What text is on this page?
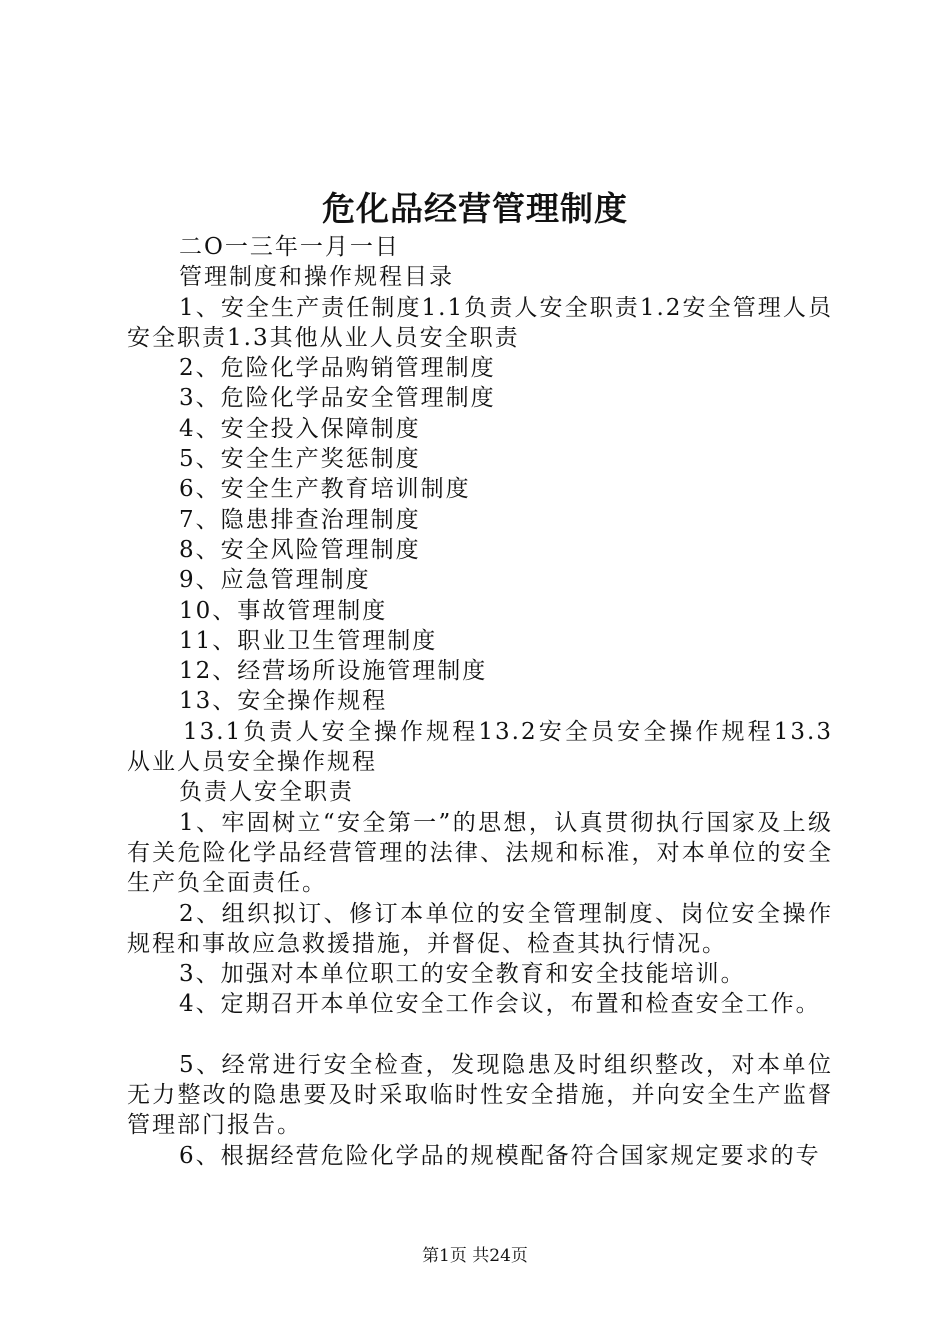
危化品经营管理制度

二O一三年一月一日

管理制度和操作规程目录

1、安全生产责任制度1.1负责人安全职责1.2安全管理人员安全职责1.3其他从业人员安全职责

2、危险化学品购销管理制度

3、危险化学品安全管理制度

4、安全投入保障制度

5、安全生产奖惩制度

6、安全生产教育培训制度

7、隐患排查治理制度

8、安全风险管理制度

9、应急管理制度

10、事故管理制度

11、职业卫生管理制度

12、经营场所设施管理制度

13、安全操作规程

13.1负责人安全操作规程13.2安全员安全操作规程13.3从业人员安全操作规程

负责人安全职责

1、牢固树立“安全第一”的思想，认真贯彻执行国家及上级有关危险化学品经营管理的法律、法规和标准，对本单位的安全生产负全面责任。

2、组织拟订、修订本单位的安全管理制度、岗位安全操作规程和事故应急救援措施，并督促、检查其执行情况。

3、加强对本单位职工的安全教育和安全技能培训。

4、定期召开本单位安全工作会议，布置和检查安全工作。

5、经常进行安全检查，发现隐患及时组织整改，对本单位无力整改的隐患要及时采取临时性安全措施，并向安全生产监督管理部门报告。

6、根据经营危险化学品的规模配备符合国家规定要求的专

第1页 共24页
